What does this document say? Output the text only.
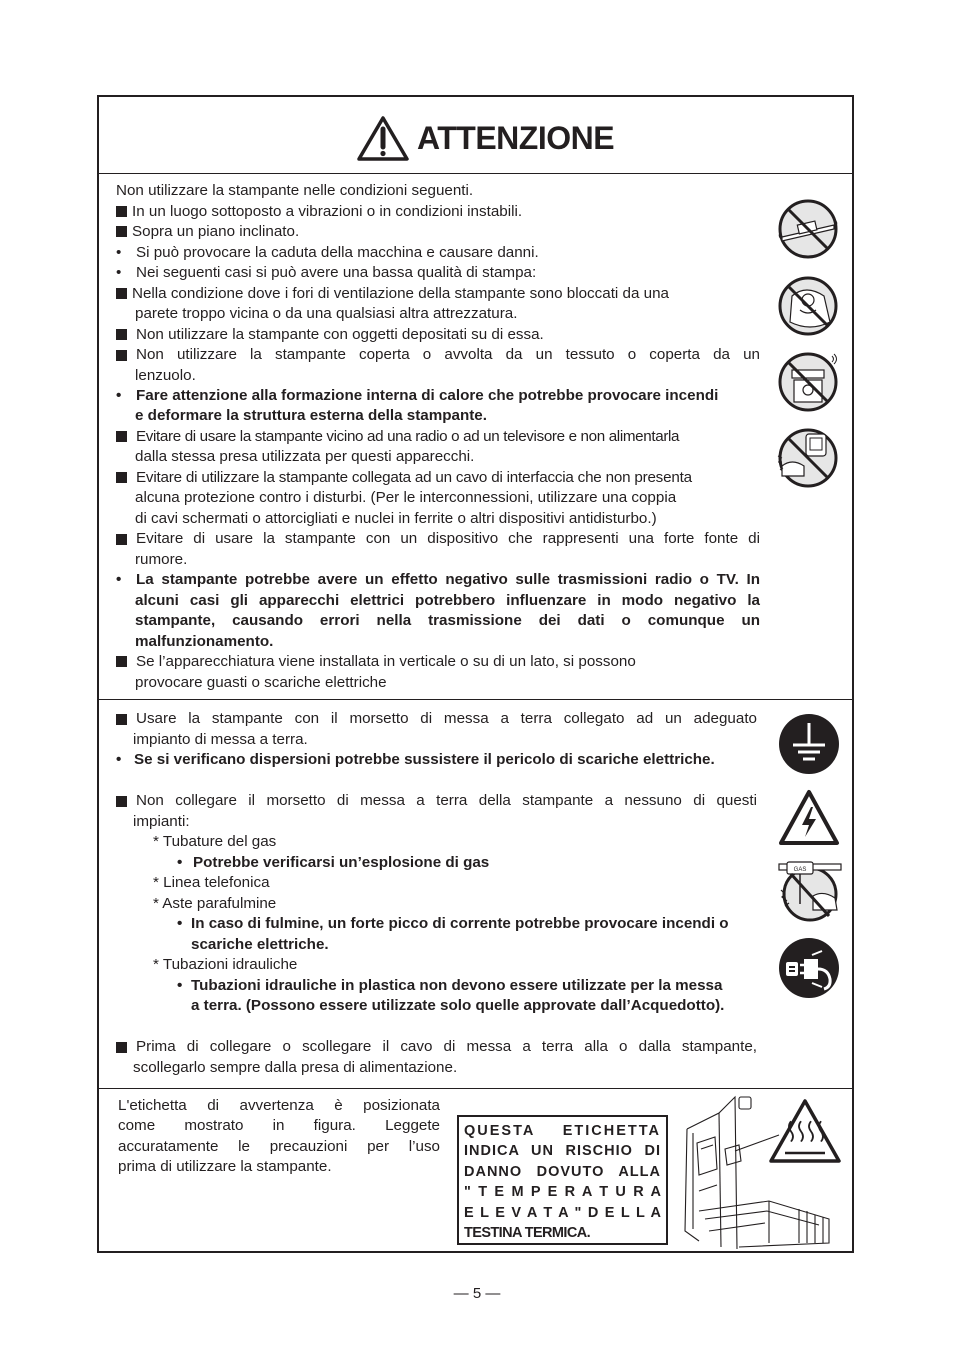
ATTENZIONE
Non utilizzare la stampante nelle condizioni seguenti.
In un luogo sottoposto a vibrazioni o in condizioni instabili.
Sopra un piano inclinato.
• Si può provocare la caduta della macchina e causare danni.
• Nei seguenti casi si può avere una bassa qualità di stampa:
Nella condizione dove i fori di ventilazione della stampante sono bloccati da una
parete troppo vicina o da una qualsiasi altra attrezzatura.
Non utilizzare la stampante con oggetti depositati su di essa.
Non utilizzare la stampante coperta o avvolta da un tessuto o coperta da un
lenzuolo.
• Fare attenzione alla formazione interna di calore che potrebbe provocare incendi
e deformare la struttura esterna della stampante.
Evitare di usare la stampante vicino ad una radio o ad un televisore e non alimentarla
dalla stessa presa utilizzata per questi apparecchi.
Evitare di utilizzare la stampante collegata ad un cavo di interfaccia che non presenta
alcuna protezione contro i disturbi. (Per le interconnessioni, utilizzare una coppia
di cavi schermati o attorcigliati e nuclei in ferrite o altri dispositivi antidisturbo.)
Evitare di usare la stampante con un dispositivo che rappresenti una forte fonte di
rumore.
• La stampante potrebbe avere un effetto negativo sulle trasmissioni radio o TV. In
alcuni casi gli apparecchi elettrici potrebbero influenzare in modo negativo la
stampante, causando errori nella trasmissione dei dati o comunque un
malfunzionamento.
Se l’apparecchiatura viene installata in verticale o su di un lato, si possono
provocare guasti o scariche elettriche
Usare la stampante con il morsetto di messa a terra collegato ad un adeguato
impianto di messa a terra.
• Se si verificano dispersioni potrebbe sussistere il pericolo di scariche elettriche.
Non collegare il morsetto di messa a terra della stampante a nessuno di questi
impianti:
* Tubature del gas
• Potrebbe verificarsi un’esplosione di gas
* Linea telefonica
* Aste parafulmine
• In caso di fulmine, un forte picco di corrente potrebbe provocare incendi o
scariche elettriche.
* Tubazioni idrauliche
• Tubazioni idrauliche in plastica non devono essere utilizzate per la messa
a terra. (Possono essere utilizzate solo quelle approvate dall’Acquedotto).
Prima di collegare o scollegare il cavo di messa a terra alla o dalla stampante,
scollegarlo sempre dalla presa di alimentazione.
GAS
L'etichetta di avvertenza è posizionata
come mostrato in figura. Leggete
accuratamente le precauzioni per l’uso
prima di utilizzare la stampante.
QUESTA ETICHETTA
INDICA UN RISCHIO DI
DANNO DOVUTO ALLA
" T E M P E R A T U R A
E L E V A T A " D E L L A
TESTINA TERMICA.
— 5 —
